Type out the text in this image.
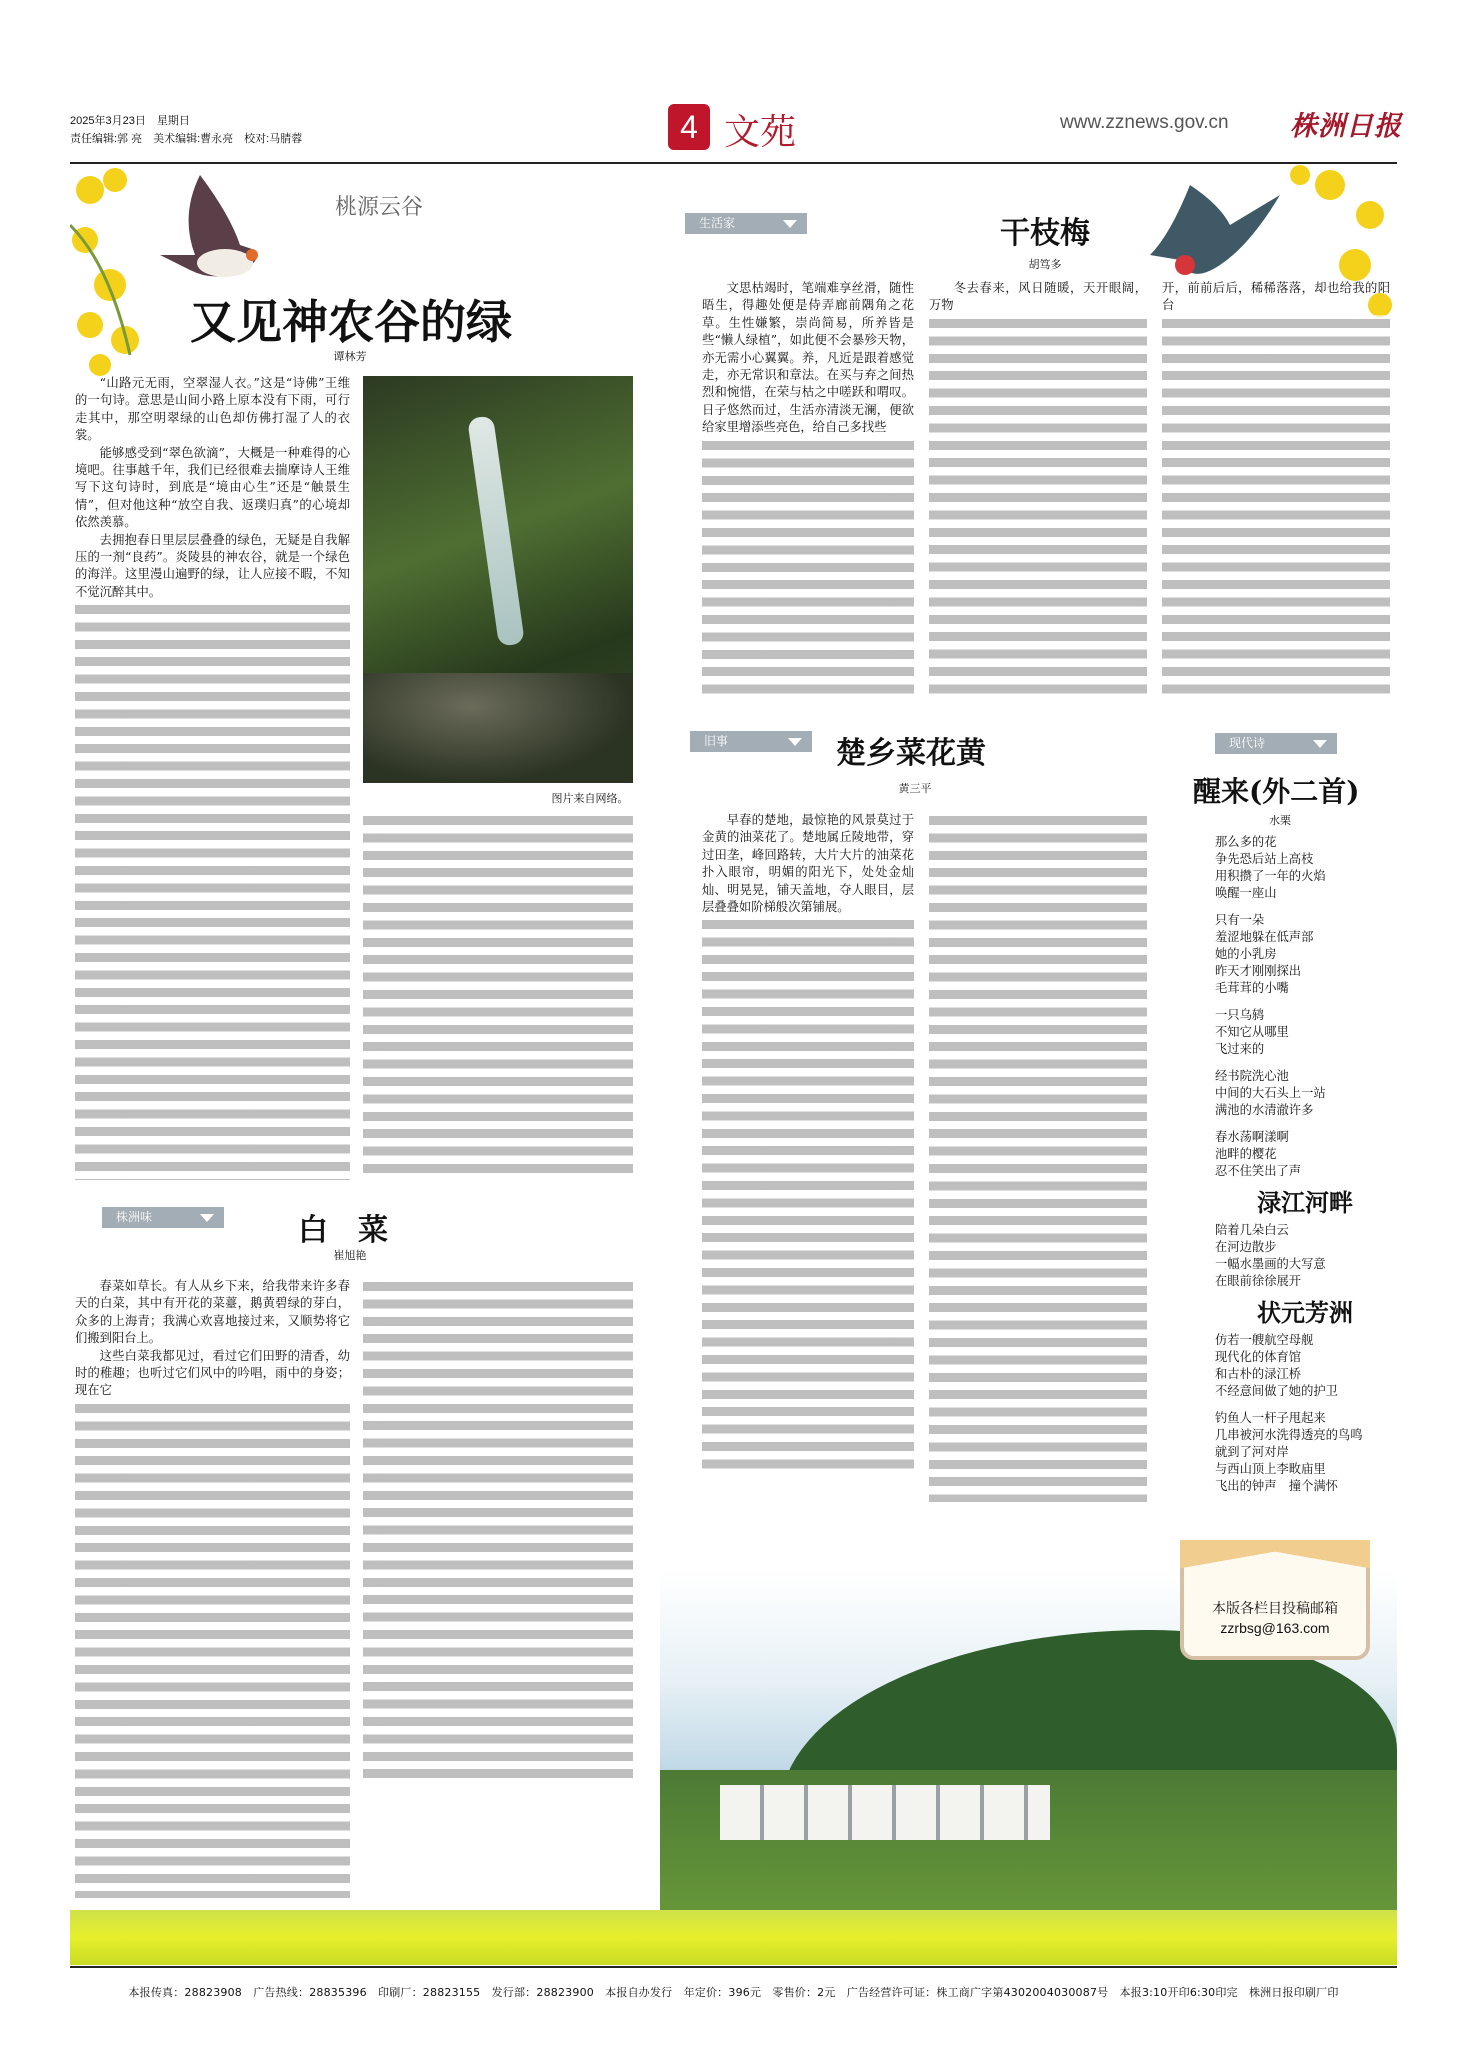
2025年3月23日　星期日
责任编辑:郭 亮　美术编辑:曹永亮　校对:马腈蓉	4 文苑	www.zznews.gov.cn 株洲日报
桃源云谷
又见神农谷的绿
谭林芳

“山路元无雨，空翠湿人衣。”这是“诗佛”王维的一句诗。意思是山间小路上原本没有下雨，可行走其中，那空明翠绿的山色却仿佛打湿了人的衣裳。

能够感受到“翠色欲滴”，大概是一种难得的心境吧。往事越千年，我们已经很难去揣摩诗人王维写下这句诗时，到底是“境由心生”还是“触景生情”，但对他这种“放空自我、返璞归真”的心境却依然羡慕。

去拥抱春日里层层叠叠的绿色，无疑是自我解压的一剂“良药”。炎陵县的神农谷，就是一个绿色的海洋。这里漫山遍野的绿，让人应接不暇，不知不觉沉醉其中。

图片来自网络。
株洲味	白　菜
崔旭艳

春菜如草长。有人从乡下来，给我带来许多春天的白菜，其中有开花的菜薹，鹅黄碧绿的芽白，众多的上海青；我满心欢喜地接过来，又顺势将它们搬到阳台上。

这些白菜我都见过，看过它们田野的清香，幼时的稚趣；也听过它们风中的吟唱，雨中的身姿；现在它

生活家	干枝梅
胡笃多

文思枯竭时，笔端难享丝滑，随性晤生，得趣处便是侍弄廊前隅角之花草。生性嫌繁，崇尚简易，所养皆是些“懒人绿植”，如此便不会暴殄天物，亦无需小心翼翼。养，凡近是跟着感觉走，亦无常识和章法。在买与弃之间热烈和惋惜，在荣与枯之中嗟跃和喟叹。日子悠然而过，生活亦清淡无澜，便欲给家里增添些亮色，给自己多找些

冬去春来，风日随暖，天开眼阔，万物

开，前前后后，稀稀落落，却也给我的阳台
旧事	楚乡菜花黄
黄三平

早春的楚地，最惊艳的风景莫过于金黄的油菜花了。楚地属丘陵地带，穿过田垄，峰回路转，大片大片的油菜花扑入眼帘，明媚的阳光下，处处金灿灿、明晃晃，铺天盖地，夺人眼目，层层叠叠如阶梯般次第铺展。

现代诗
醒来(外二首)
水栗
那么多的花
争先恐后站上高枝
用积攒了一年的火焰
唤醒一座山
只有一朵
羞涩地躲在低声部
她的小乳房
昨天才刚刚探出
毛茸茸的小嘴
一只乌鸫
不知它从哪里
飞过来的
经书院洗心池
中间的大石头上一站
满池的水清澈许多
春水荡啊漾啊
池畔的樱花
忍不住笑出了声
渌江河畔
陪着几朵白云
在河边散步
一幅水墨画的大写意
在眼前徐徐展开
状元芳洲
仿若一艘航空母舰
现代化的体育馆
和古朴的渌江桥
不经意间做了她的护卫
钓鱼人一杆子甩起来
几串被河水洗得透亮的鸟鸣
就到了河对岸
与西山顶上李畋庙里
飞出的钟声　撞个满怀
本版各栏目投稿邮箱
zzrbsg@163.com
本报传真：28823908　广告热线：28835396　印刷厂：28823155　发行部：28823900　本报自办发行　年定价：396元　零售价：2元　广告经营许可证：株工商广字第4302004030087号　本报3:10开印6:30印完　株洲日报印刷厂印
